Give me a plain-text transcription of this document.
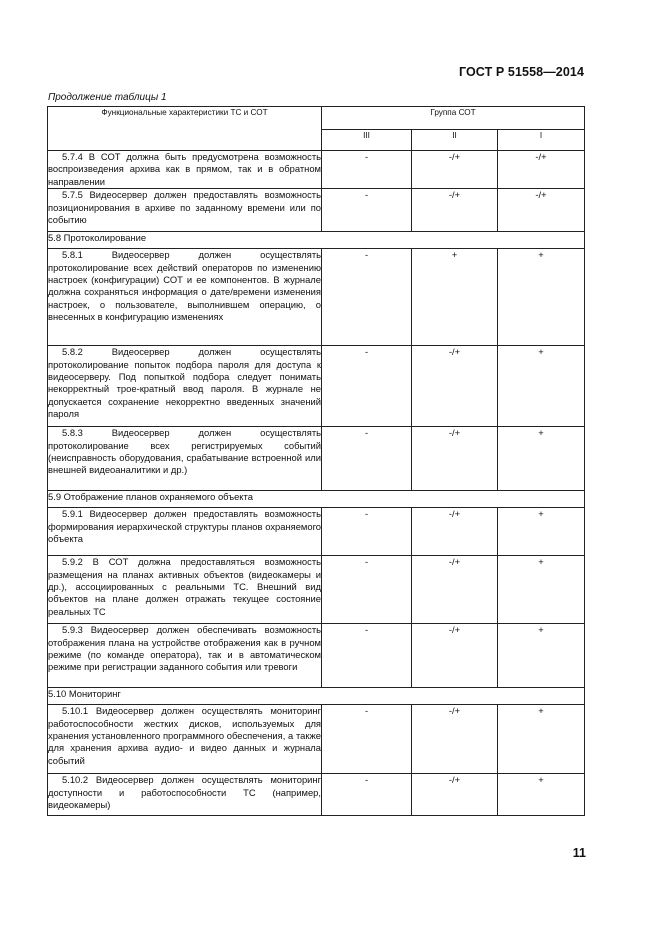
ГОСТ Р 51558—2014
Продолжение таблицы 1
Функциональные характеристики ТС и СОТ	Группа СОТ		
	III	II	I
5.7.4 В СОТ должна быть предусмотрена возможность воспроизведения архива как в прямом, так и в обратном направлении	-	-/+	-/+
5.7.5 Видеосервер должен предоставлять возможность позиционирования в архиве по заданному времени или по событию	-	-/+	-/+
5.8 Протоколирование			
5.8.1 Видеосервер должен осуществлять протоколирование всех действий операторов по изменению настроек (конфигурации) СОТ и ее компонентов. В журнале должна сохраняться информация о дате/времени изменения настроек, о пользователе, выполнившем операцию, о внесенных в конфигурацию изменениях	-	+	+
5.8.2 Видеосервер должен осуществлять протоколирование попыток подбора пароля для доступа к видеосерверу. Под попыткой подбора следует понимать некорректный трое-кратный ввод пароля. В журнале не допускается сохранение некорректно введенных значений пароля	-	-/+	+
5.8.3 Видеосервер должен осуществлять протоколирование всех регистрируемых событий (неисправность оборудования, срабатывание встроенной или внешней видеоаналитики и др.)	-	-/+	+
5.9 Отображение планов охраняемого объекта			
5.9.1 Видеосервер должен предоставлять возможность формирования иерархической структуры планов охраняемого объекта	-	-/+	+
5.9.2 В СОТ должна предоставляться возможность размещения на планах активных объектов (видеокамеры и др.), ассоциированных с реальными ТС. Внешний вид объектов на плане должен отражать текущее состояние реальных ТС	-	-/+	+
5.9.3 Видеосервер должен обеспечивать возможность отображения плана на устройстве отображения как в ручном режиме (по команде оператора), так и в автоматическом режиме при регистрации заданного события или тревоги	-	-/+	+
5.10 Мониторинг			
5.10.1 Видеосервер должен осуществлять мониторинг работоспособности жестких дисков, используемых для хранения установленного программного обеспечения, а также для хранения архива аудио- и видео данных и журнала событий	-	-/+	+
5.10.2 Видеосервер должен осуществлять мониторинг доступности и работоспособности ТС (например, видеокамеры)	-	-/+	+
11
